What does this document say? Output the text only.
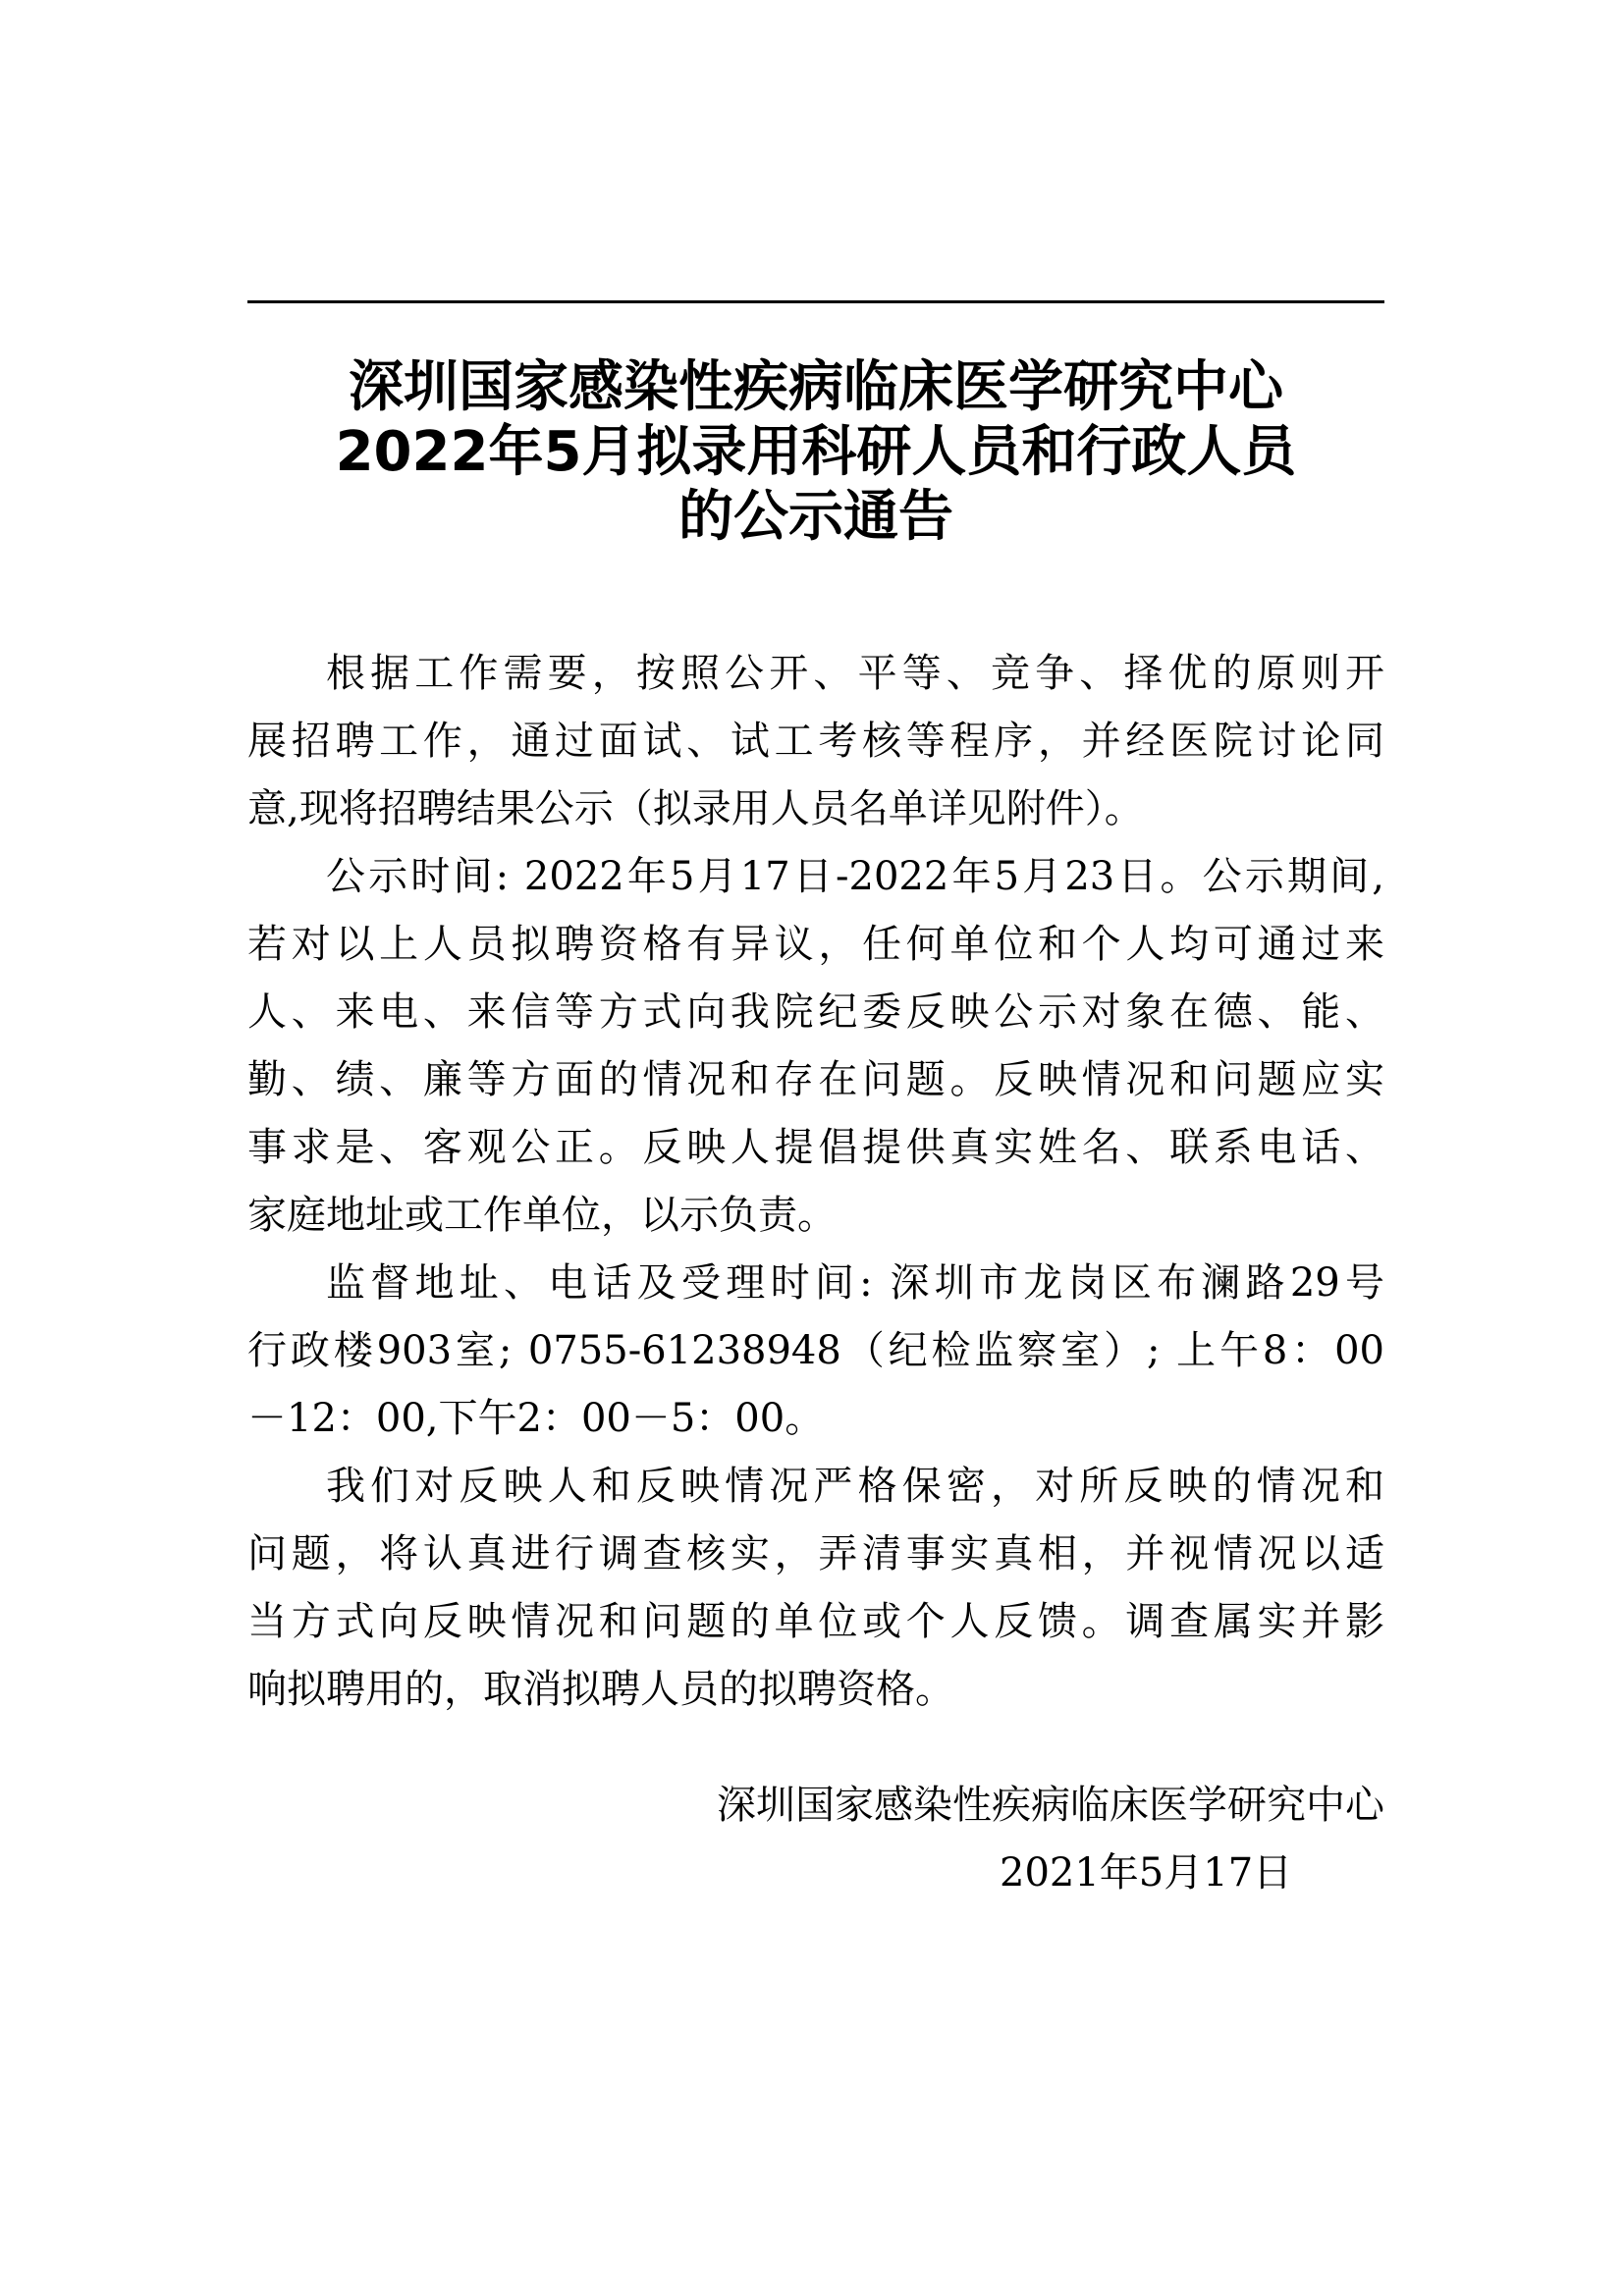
深圳国家感染性疾病临床医学研究中心
2022年5月拟录用科研人员和行政人员
的公示通告
根据工作需要，按照公开、平等、竞争、择优的原则开
展招聘工作，通过面试、试工考核等程序，并经医院讨论同
意,现将招聘结果公示（拟录用人员名单详见附件）。
公示时间: 2022年5月17日-2022年5月23日。公示期间,
若对以上人员拟聘资格有异议，任何单位和个人均可通过来
人、来电、来信等方式向我院纪委反映公示对象在德、能、
勤、绩、廉等方面的情况和存在问题。反映情况和问题应实
事求是、客观公正。反映人提倡提供真实姓名、联系电话、
家庭地址或工作单位，以示负责。
监督地址、电话及受理时间: 深圳市龙岗区布澜路29号
行政楼903室; 0755-61238948（纪检监察室）; 上午8：00
－12：00,下午2：00－5：00。
我们对反映人和反映情况严格保密，对所反映的情况和
问题，将认真进行调查核实，弄清事实真相，并视情况以适
当方式向反映情况和问题的单位或个人反馈。调查属实并影
响拟聘用的，取消拟聘人员的拟聘资格。
深圳国家感染性疾病临床医学研究中心
2021年5月17日
